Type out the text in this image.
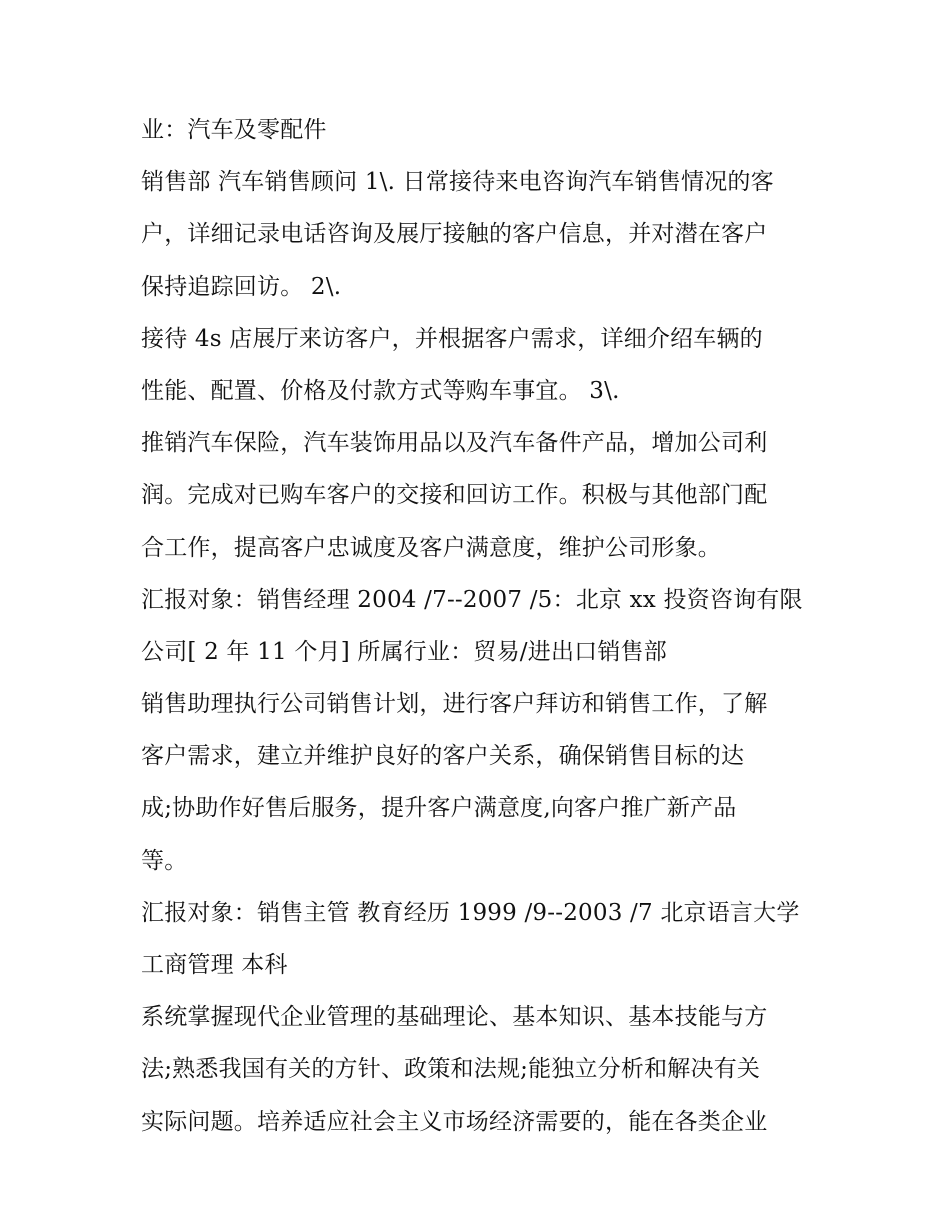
业：汽车及零配件
销售部 汽车销售顾问 1\. 日常接待来电咨询汽车销售情况的客
户，详细记录电话咨询及展厅接触的客户信息，并对潜在客户
保持追踪回访。 2\.
接待 4s 店展厅来访客户，并根据客户需求，详细介绍车辆的
性能、配置、价格及付款方式等购车事宜。 3\.
推销汽车保险，汽车装饰用品以及汽车备件产品，增加公司利
润。完成对已购车客户的交接和回访工作。积极与其他部门配
合工作，提高客户忠诚度及客户满意度，维护公司形象。
汇报对象：销售经理 2004 /7--2007 /5：北京 xx 投资咨询有限
公司[ 2 年 11 个月] 所属行业：贸易/进出口销售部
销售助理执行公司销售计划，进行客户拜访和销售工作，了解
客户需求，建立并维护良好的客户关系，确保销售目标的达
成;协助作好售后服务，提升客户满意度,向客户推广新产品
等。
汇报对象：销售主管 教育经历 1999 /9--2003 /7 北京语言大学
工商管理 本科
系统掌握现代企业管理的基础理论、基本知识、基本技能与方
法;熟悉我国有关的方针、政策和法规;能独立分析和解决有关
实际问题。培养适应社会主义市场经济需要的，能在各类企业
